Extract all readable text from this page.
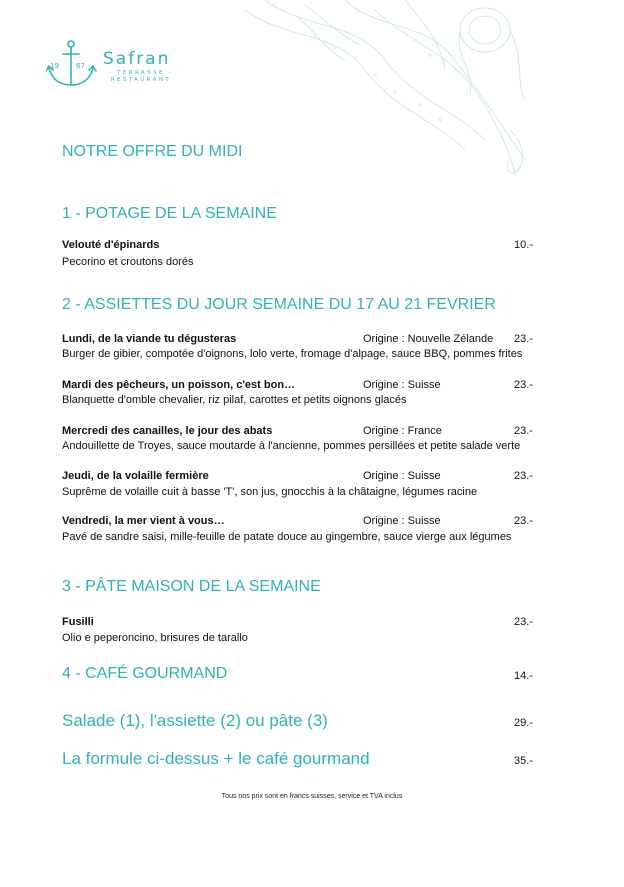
19 67 Safran
- TERRASSE -
RESTAURANT
NOTRE OFFRE DU MIDI
1 - POTAGE DE LA SEMAINE
Velouté d'épinards	10.-
Pecorino et croutons dorés
2 - ASSIETTES DU JOUR SEMAINE DU 17 AU 21 FEVRIER
Lundi, de la viande tu dégusteras	Origine : Nouvelle Zélande 23.-
Burger de gibier, compotée d'oignons, lolo verte, fromage d'alpage, sauce BBQ, pommes frites
Mardi des pêcheurs, un poisson, c'est bon…	Origine : Suisse	23.-
Blanquette d'omble chevalier, riz pilaf, carottes et petits oignons glacés
Mercredi des canailles, le jour des abats	Origine : France	23.-
Andouillette de Troyes, sauce moutarde à l'ancienne, pommes persillées et petite salade verte
Jeudi, de la volaille fermière	Origine : Suisse	23.-
Suprême de volaille cuit à basse 'T', son jus, gnocchis à la châtaigne, légumes racine
Vendredi, la mer vient à vous…	Origine : Suisse	23.-
Pavé de sandre saisi, mille-feuille de patate douce au gingembre, sauce vierge aux légumes
3 - PÂTE MAISON DE LA SEMAINE
Fusilli	23.-
Olio e peperoncino, brisures de tarallo
4 - CAFÉ GOURMAND	14.-
Salade (1), l'assiette (2) ou pâte (3)	29.-
La formule ci-dessus + le café gourmand	35.-
Tous nos prix sont en francs suisses, service et TVA inclus
